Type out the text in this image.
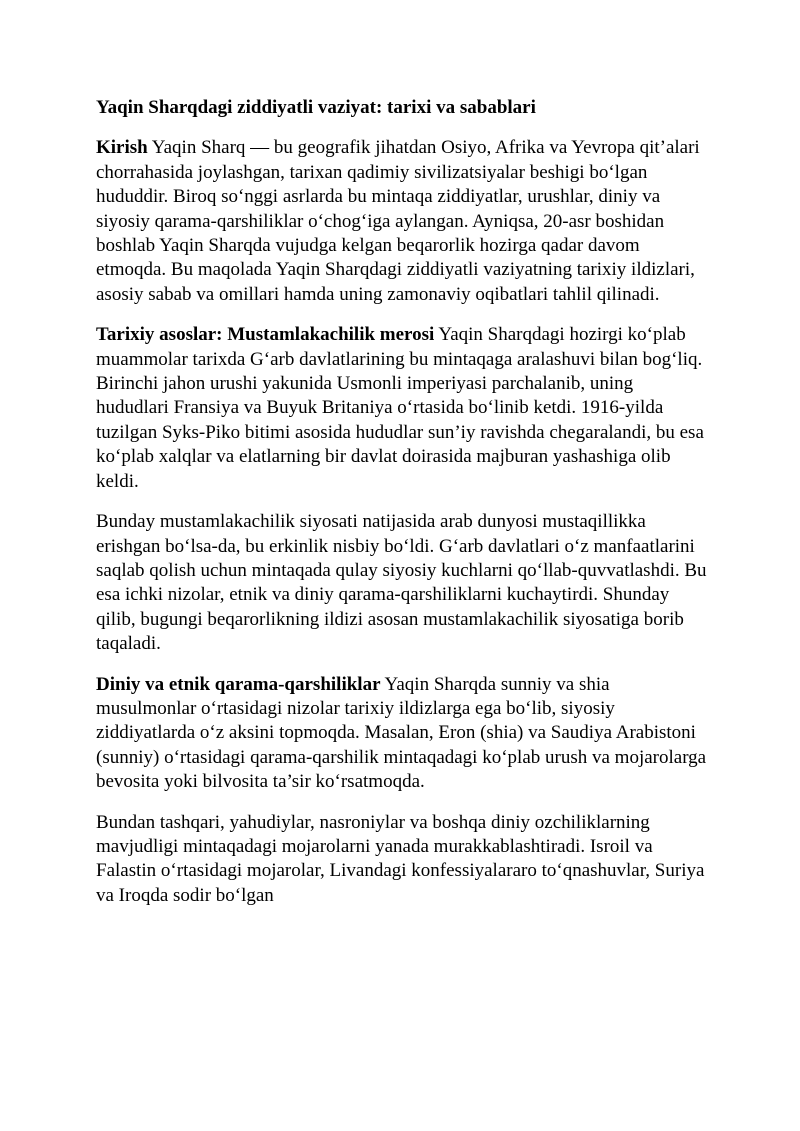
Yaqin Sharqdagi ziddiyatli vaziyat: tarixi va sabablari

Kirish Yaqin Sharq — bu geografik jihatdan Osiyo, Afrika va Yevropa qit’alari chorrahasida joylashgan, tarixan qadimiy sivilizatsiyalar beshigi boʻlgan hududdir. Biroq soʻnggi asrlarda bu mintaqa ziddiyatlar, urushlar, diniy va siyosiy qarama-qarshiliklar oʻchogʻiga aylangan. Ayniqsa, 20-asr boshidan boshlab Yaqin Sharqda vujudga kelgan beqarorlik hozirga qadar davom etmoqda. Bu maqolada Yaqin Sharqdagi ziddiyatli vaziyatning tarixiy ildizlari, asosiy sabab va omillari hamda uning zamonaviy oqibatlari tahlil qilinadi.

Tarixiy asoslar: Mustamlakachilik merosi Yaqin Sharqdagi hozirgi koʻplab muammolar tarixda Gʻarb davlatlarining bu mintaqaga aralashuvi bilan bogʻliq. Birinchi jahon urushi yakunida Usmonli imperiyasi parchalanib, uning hududlari Fransiya va Buyuk Britaniya oʻrtasida boʻlinib ketdi. 1916-yilda tuzilgan Syks-Piko bitimi asosida hududlar sun’iy ravishda chegaralandi, bu esa koʻplab xalqlar va elatlarning bir davlat doirasida majburan yashashiga olib keldi.

Bunday mustamlakachilik siyosati natijasida arab dunyosi mustaqillikka erishgan boʻlsa-da, bu erkinlik nisbiy boʻldi. Gʻarb davlatlari oʻz manfaatlarini saqlab qolish uchun mintaqada qulay siyosiy kuchlarni qoʻllab-quvvatlashdi. Bu esa ichki nizolar, etnik va diniy qarama-qarshiliklarni kuchaytirdi. Shunday qilib, bugungi beqarorlikning ildizi asosan mustamlakachilik siyosatiga borib taqaladi.

Diniy va etnik qarama-qarshiliklar Yaqin Sharqda sunniy va shia musulmonlar oʻrtasidagi nizolar tarixiy ildizlarga ega boʻlib, siyosiy ziddiyatlarda oʻz aksini topmoqda. Masalan, Eron (shia) va Saudiya Arabistoni (sunniy) oʻrtasidagi qarama-qarshilik mintaqadagi koʻplab urush va mojarolarga bevosita yoki bilvosita ta’sir koʻrsatmoqda.

Bundan tashqari, yahudiylar, nasroniylar va boshqa diniy ozchiliklarning mavjudligi mintaqadagi mojarolarni yanada murakkablashtiradi. Isroil va Falastin oʻrtasidagi mojarolar, Livandagi konfessiyalararo toʻqnashuvlar, Suriya va Iroqda sodir boʻlgan
